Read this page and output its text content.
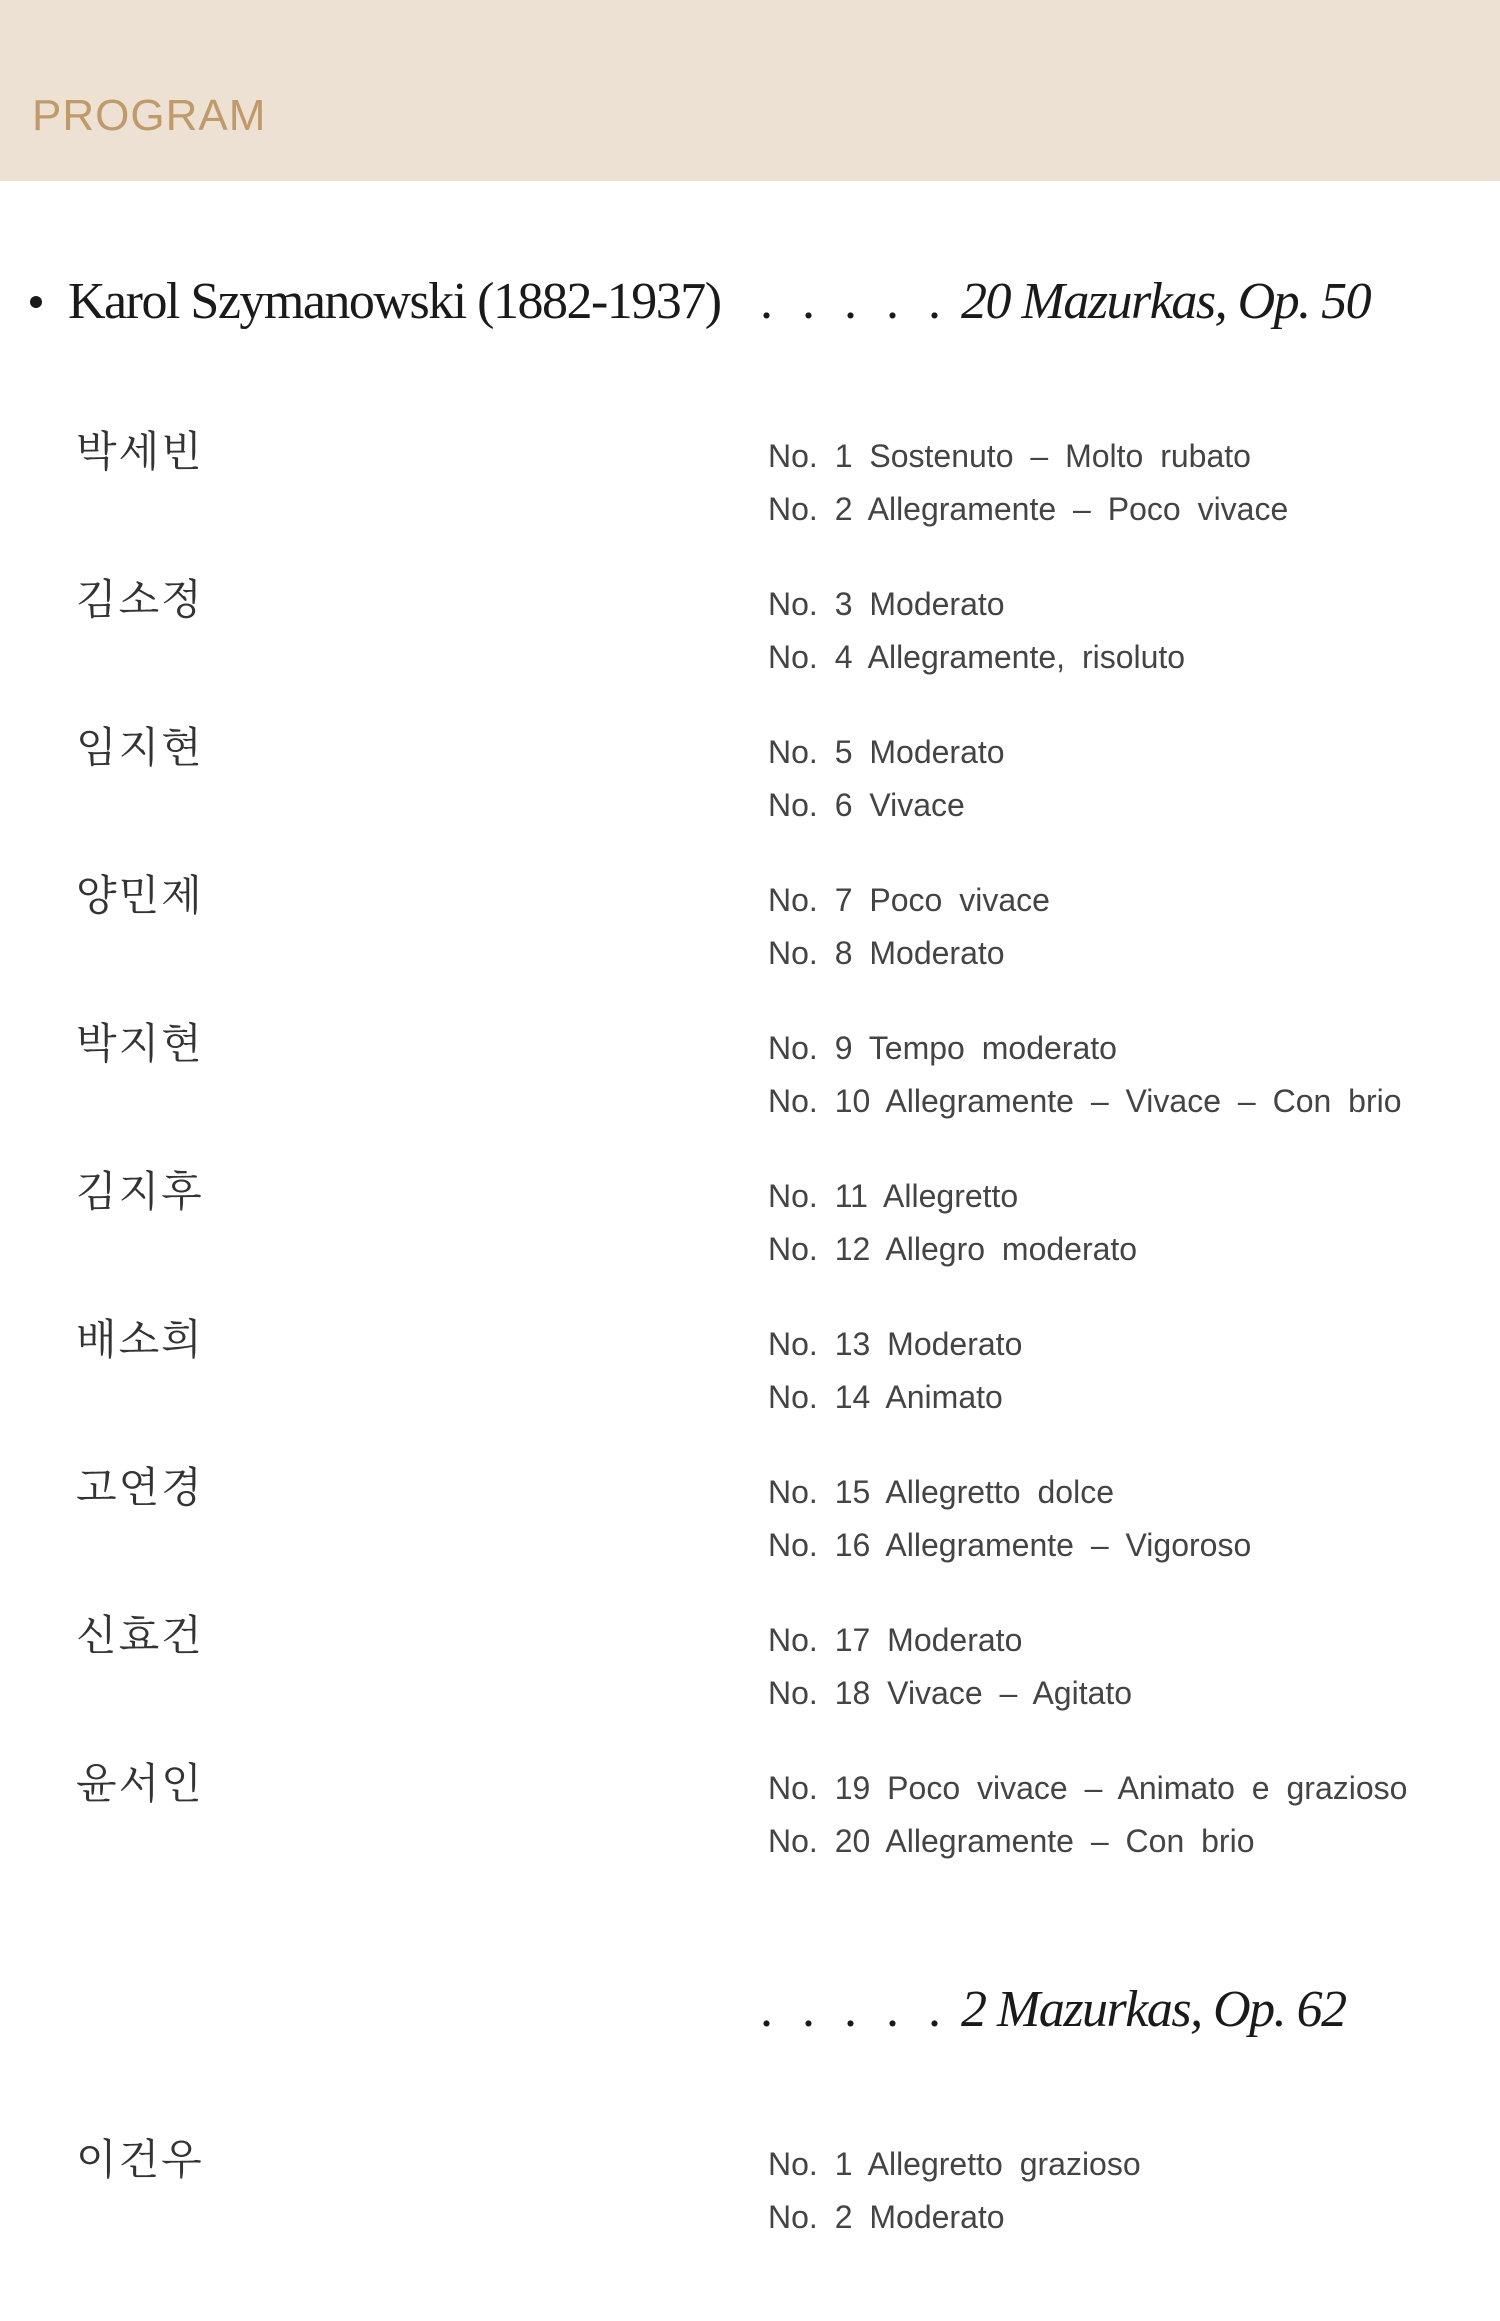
PROGRAM
Karol Szymanowski (1882-1937) . . . . . 20 Mazurkas, Op. 50
박세빈	No. 1 Sostenuto – Molto rubato
No. 2 Allegramente – Poco vivace
김소정	No. 3 Moderato
No. 4 Allegramente, risoluto
임지현	No. 5 Moderato
No. 6 Vivace
양민제	No. 7 Poco vivace
No. 8 Moderato
박지현	No. 9 Tempo moderato
No. 10 Allegramente – Vivace – Con brio
김지후	No. 11 Allegretto
No. 12 Allegro moderato
배소희	No. 13 Moderato
No. 14 Animato
고연경	No. 15 Allegretto dolce
No. 16 Allegramente – Vigoroso
신효건	No. 17 Moderato
No. 18 Vivace – Agitato
윤서인	No. 19 Poco vivace – Animato e grazioso
No. 20 Allegramente – Con brio
. . . . . 2 Mazurkas, Op. 62
이건우	No. 1 Allegretto grazioso
No. 2 Moderato
